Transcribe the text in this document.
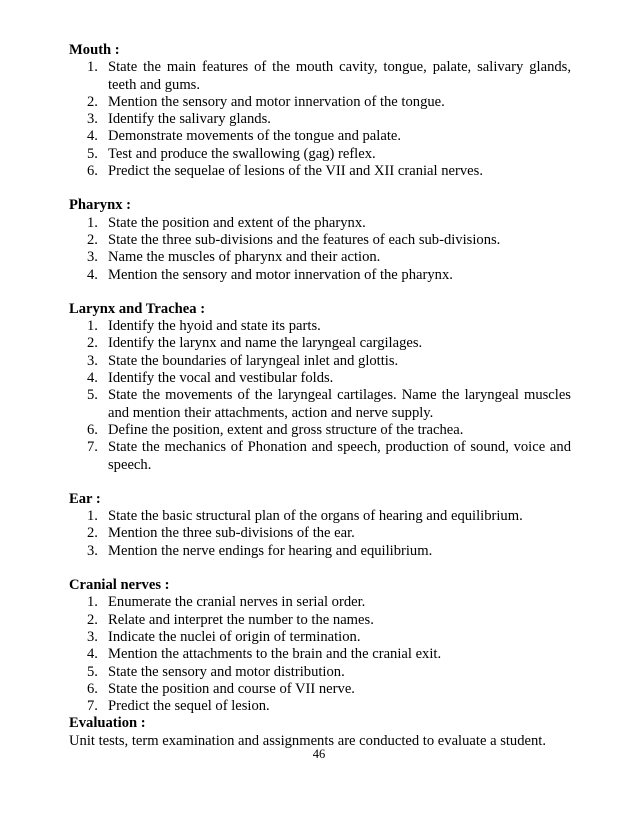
Mouth :

1. State the main features of the mouth cavity, tongue, palate, salivary glands, teeth and gums.
2. Mention the sensory and motor innervation of the tongue.
3. Identify the salivary glands.
4. Demonstrate movements of the tongue and palate.
5. Test and produce the swallowing (gag) reflex.
6. Predict the sequelae of lesions of the VII and XII cranial nerves.

Pharynx :

1. State the position and extent of the pharynx.
2. State the three sub-divisions and the features of each sub-divisions.
3. Name the muscles of pharynx and their action.
4. Mention the sensory and motor innervation of the pharynx.

Larynx and Trachea :

1. Identify the hyoid and state its parts.
2. Identify the larynx and name the laryngeal cargilages.
3. State the boundaries of laryngeal inlet and glottis.
4. Identify the vocal and vestibular folds.
5. State the movements of the laryngeal cartilages. Name the laryngeal muscles and mention their attachments, action and nerve supply.
6. Define the position, extent and gross structure of the trachea.
7. State the mechanics of Phonation and speech, production of sound, voice and speech.

Ear :

1. State the basic structural plan of the organs of hearing and equilibrium.
2. Mention the three sub-divisions of the ear.
3. Mention the nerve endings for hearing and equilibrium.

Cranial nerves :

1. Enumerate the cranial nerves in serial order.
2. Relate and interpret the number to the names.
3. Indicate the nuclei of origin of termination.
4. Mention the attachments to the brain and the cranial exit.
5. State the sensory and motor distribution.
6. State the position and course of VII nerve.
7. Predict the sequel of lesion.

Evaluation :

Unit tests, term examination and assignments are conducted to evaluate a student.

46
